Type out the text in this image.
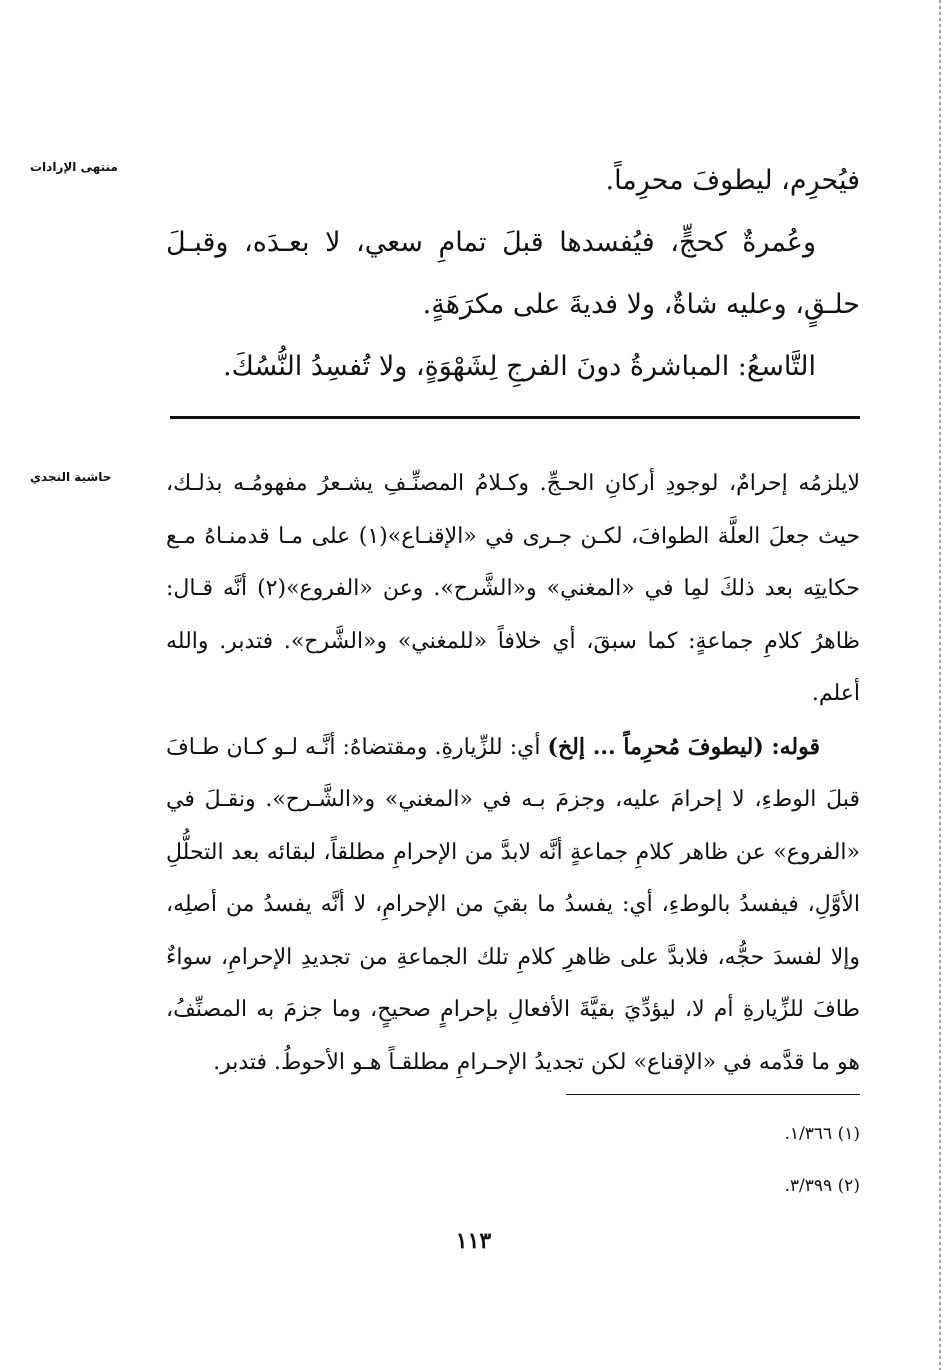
منتهى الإرادات
حاشية النجدي

فيُحرِم، ليطوفَ محرِماً.

وعُمرةٌ كحجٍّ، فيُفسدها قبلَ تمامِ سعي، لا بعـدَه، وقبـلَ حلـقٍ، وعليه شاةٌ، ولا فديةَ على مكرَهَةٍ.

التَّاسعُ: المباشرةُ دونَ الفرجِ لِشَهْوَةٍ، ولا تُفسِدُ النُّسُكَ.

لايلزمُه إحرامٌ، لوجودِ أركانِ الحـجِّ. وكـلامُ المصنِّـفِ يشـعرُ مفهومُـه بذلـك، حيث جعلَ العلَّة الطوافَ، لكـن جـرى في «الإقنـاع»(١) على مـا قدمنـاهُ مـع حكايتِه بعد ذلكَ لمِا في «المغني» و«الشَّرح». وعن «الفروع»(٢) أنَّه قـال: ظاهرُ كلامِ جماعةٍ: كما سبقَ، أي خلافاً «للمغني» و«الشَّرح». فتدبر. والله أعلم.

قوله: (ليطوفَ مُحرِماً ... إلخ) أي: للزِّيارةِ. ومقتضاهُ: أنَّـه لـو كـان طـافَ قبلَ الوطءِ، لا إحرامَ عليه، وجزمَ بـه في «المغني» و«الشَّـرح». ونقـلَ في «الفروع» عن ظاهر كلامِ جماعةٍ أنَّه لابدَّ من الإحرامِ مطلقاً، لبقائه بعد التحلُّلِ الأوَّلِ، فيفسدُ بالوطءِ، أي: يفسدُ ما بقيَ من الإحرامِ، لا أنَّه يفسدُ من أصلِه، وإلا لفسدَ حجُّه، فلابدَّ على ظاهرِ كلامِ تلك الجماعةِ من تجديدِ الإحرامِ، سواءٌ طافَ للزِّيارةِ أم لا، ليؤدِّيَ بقيَّةَ الأفعالِ بإحرامٍ صحيحٍ، وما جزمَ به المصنِّفُ، هو ما قدَّمه في «الإقناع» لكن تجديدُ الإحـرامِ مطلقـاً هـو الأحوطُ. فتدبر.

(١) ١/٣٦٦.

(٢) ٣/٣٩٩.

١١٣
